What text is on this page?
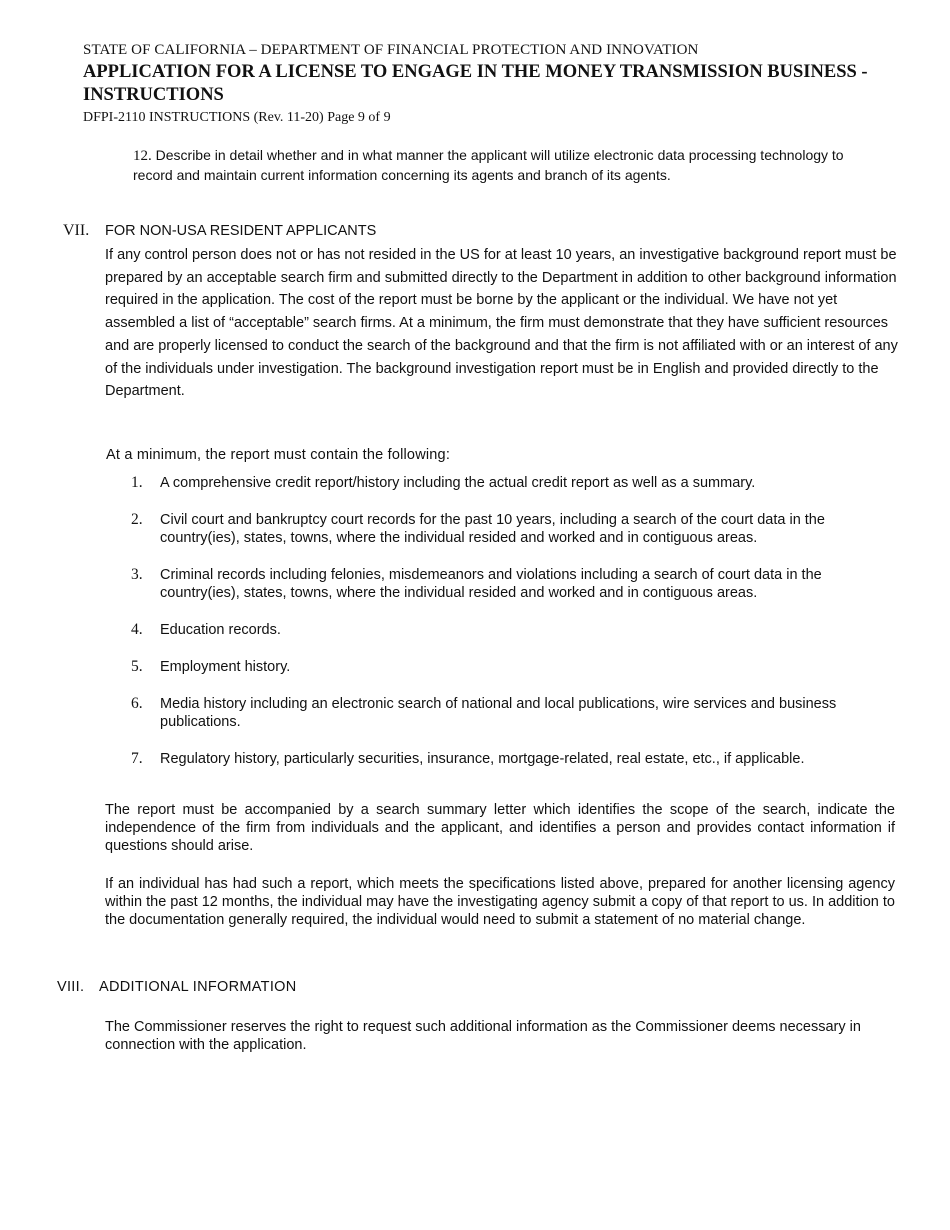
STATE OF CALIFORNIA – DEPARTMENT OF FINANCIAL PROTECTION AND INNOVATION
APPLICATION FOR A LICENSE TO ENGAGE IN THE MONEY TRANSMISSION BUSINESS - INSTRUCTIONS
DFPI-2110 INSTRUCTIONS (Rev. 11-20) Page 9 of 9
12. Describe in detail whether and in what manner the applicant will utilize electronic data processing technology to record and maintain current information concerning its agents and branch of its agents.
VII. FOR NON-USA RESIDENT APPLICANTS
If any control person does not or has not resided in the US for at least 10 years, an investigative background report must be prepared by an acceptable search firm and submitted directly to the Department in addition to other background information required in the application. The cost of the report must be borne by the applicant or the individual. We have not yet assembled a list of “acceptable” search firms. At a minimum, the firm must demonstrate that they have sufficient resources and are properly licensed to conduct the search of the background and that the firm is not affiliated with or an interest of any of the individuals under investigation. The background investigation report must be in English and provided directly to the Department.
At a minimum, the report must contain the following:
1.	A comprehensive credit report/history including the actual credit report as well as a summary.
2.	Civil court and bankruptcy court records for the past 10 years, including a search of the court data in the country(ies), states, towns, where the individual resided and worked and in contiguous areas.
3.	Criminal records including felonies, misdemeanors and violations including a search of court data in the country(ies), states, towns, where the individual resided and worked and in contiguous areas.
4.	Education records.
5.	Employment history.
6.	Media history including an electronic search of national and local publications, wire services and business publications.
7.	Regulatory history, particularly securities, insurance, mortgage-related, real estate, etc., if applicable.
The report must be accompanied by a search summary letter which identifies the scope of the search, indicate the independence of the firm from individuals and the applicant, and identifies a person and provides contact information if questions should arise.
If an individual has had such a report, which meets the specifications listed above, prepared for another licensing agency within the past 12 months, the individual may have the investigating agency submit a copy of that report to us. In addition to the documentation generally required, the individual would need to submit a statement of no material change.
VIII. ADDITIONAL INFORMATION
The Commissioner reserves the right to request such additional information as the Commissioner deems necessary in connection with the application.
